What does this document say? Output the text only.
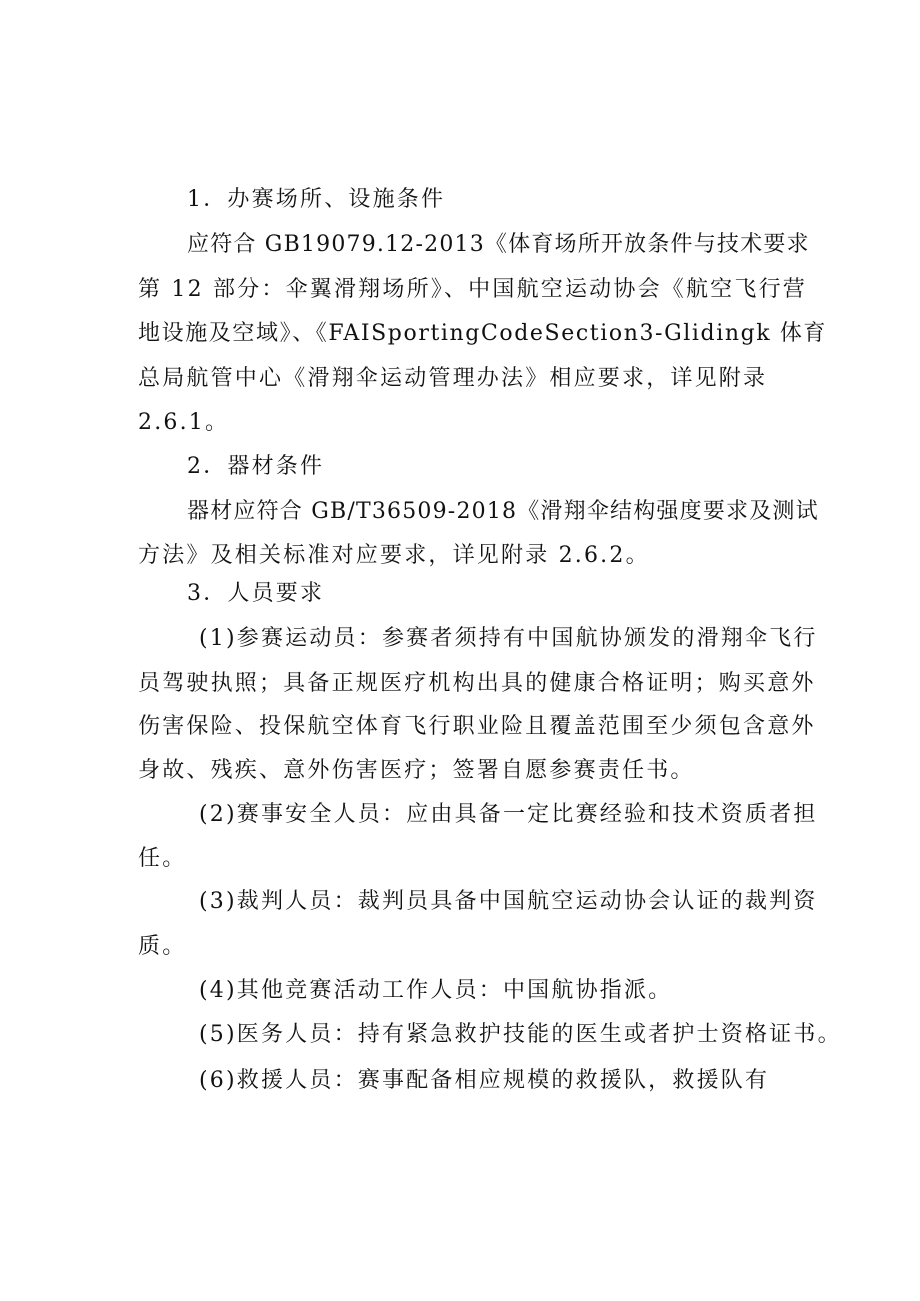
1．办赛场所、设施条件
应符合 GB19079.12-2013《体育场所开放条件与技术要求
第 12 部分：伞翼滑翔场所》、中国航空运动协会《航空飞行营
地设施及空域》、《FAISportingCodeSection3-Glidingk 体育
总局航管中心《滑翔伞运动管理办法》相应要求，详见附录
2.6.1。
2．器材条件
器材应符合 GB/T36509-2018《滑翔伞结构强度要求及测试
方法》及相关标准对应要求，详见附录 2.6.2。
3．人员要求
(1)参赛运动员：参赛者须持有中国航协颁发的滑翔伞飞行
员驾驶执照；具备正规医疗机构出具的健康合格证明；购买意外
伤害保险、投保航空体育飞行职业险且覆盖范围至少须包含意外
身故、残疾、意外伤害医疗；签署自愿参赛责任书。
(2)赛事安全人员：应由具备一定比赛经验和技术资质者担
任。
(3)裁判人员：裁判员具备中国航空运动协会认证的裁判资
质。
(4)其他竞赛活动工作人员：中国航协指派。
(5)医务人员：持有紧急救护技能的医生或者护士资格证书。
(6)救援人员：赛事配备相应规模的救援队，救援队有
